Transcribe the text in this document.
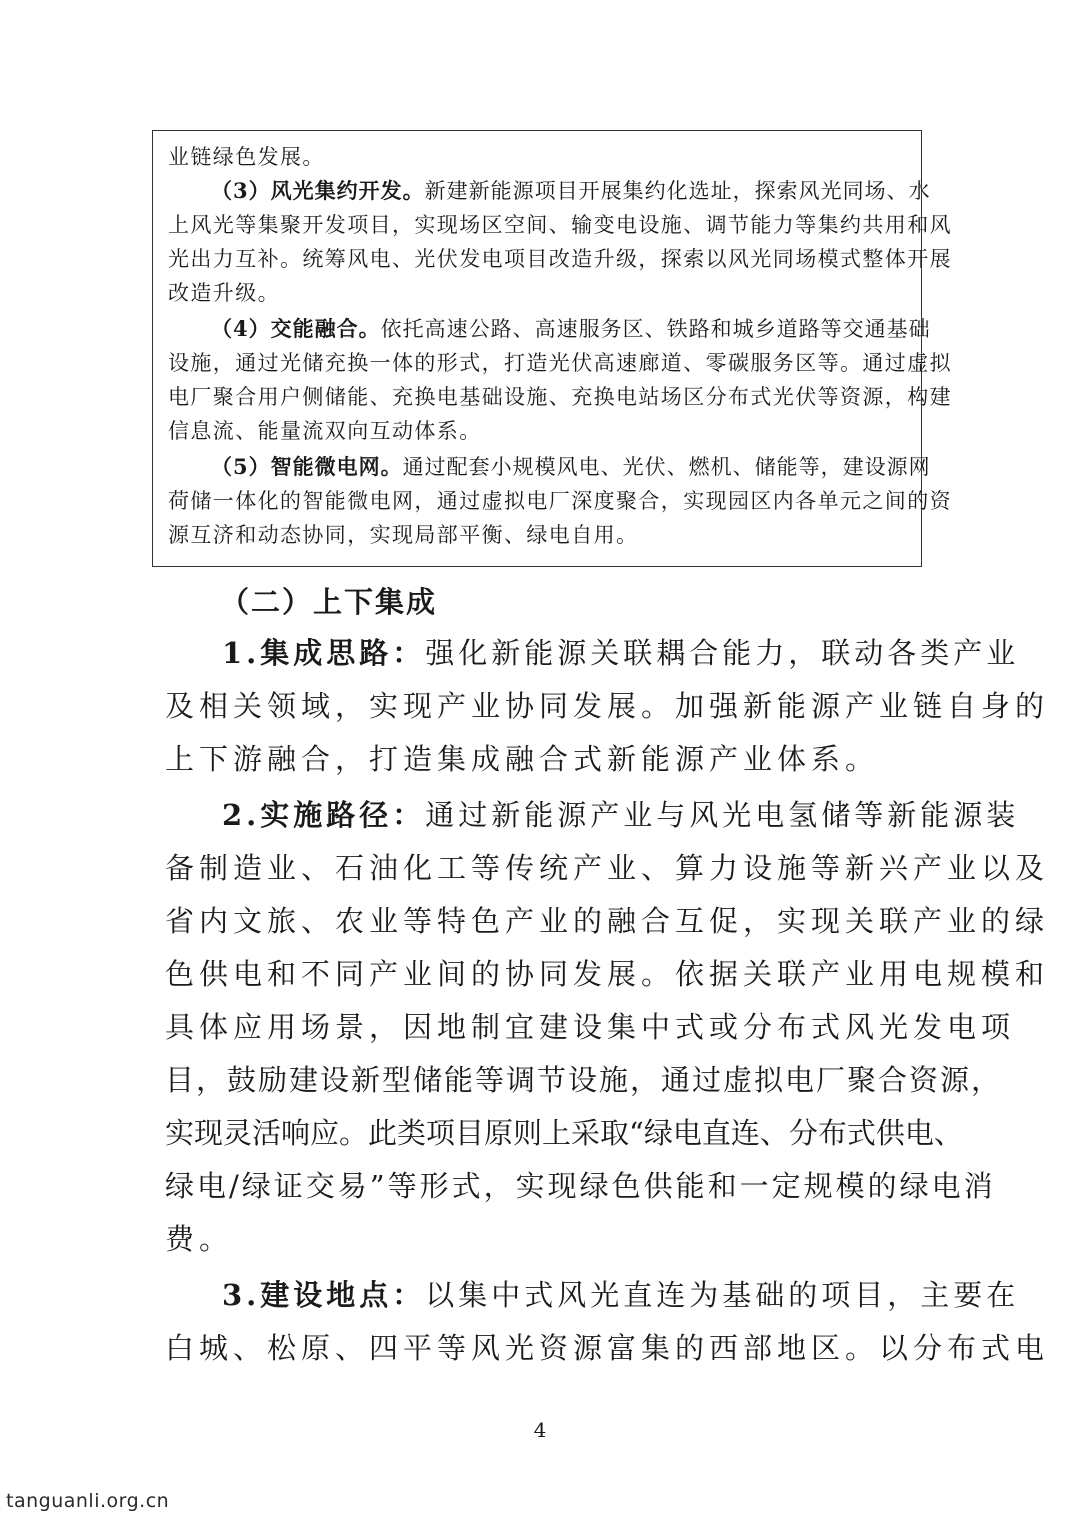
业链绿色发展。
（3）风光集约开发。新建新能源项目开展集约化选址，探索风光同场、水
上风光等集聚开发项目，实现场区空间、输变电设施、调节能力等集约共用和风
光出力互补。统筹风电、光伏发电项目改造升级，探索以风光同场模式整体开展
改造升级。
（4）交能融合。依托高速公路、高速服务区、铁路和城乡道路等交通基础
设施，通过光储充换一体的形式，打造光伏高速廊道、零碳服务区等。通过虚拟
电厂聚合用户侧储能、充换电基础设施、充换电站场区分布式光伏等资源，构建
信息流、能量流双向互动体系。
（5）智能微电网。通过配套小规模风电、光伏、燃机、储能等，建设源网
荷储一体化的智能微电网，通过虚拟电厂深度聚合，实现园区内各单元之间的资
源互济和动态协同，实现局部平衡、绿电自用。
（二）上下集成
1.集成思路：强化新能源关联耦合能力，联动各类产业
及相关领域，实现产业协同发展。加强新能源产业链自身的
上下游融合，打造集成融合式新能源产业体系。
2.实施路径：通过新能源产业与风光电氢储等新能源装
备制造业、石油化工等传统产业、算力设施等新兴产业以及
省内文旅、农业等特色产业的融合互促，实现关联产业的绿
色供电和不同产业间的协同发展。依据关联产业用电规模和
具体应用场景，因地制宜建设集中式或分布式风光发电项
目，鼓励建设新型储能等调节设施，通过虚拟电厂聚合资源，
实现灵活响应。此类项目原则上采取“绿电直连、分布式供电、
绿电/绿证交易”等形式，实现绿色供能和一定规模的绿电消
费。
3.建设地点：以集中式风光直连为基础的项目，主要在
白城、松原、四平等风光资源富集的西部地区。以分布式电
4
tanguanli.org.cn
